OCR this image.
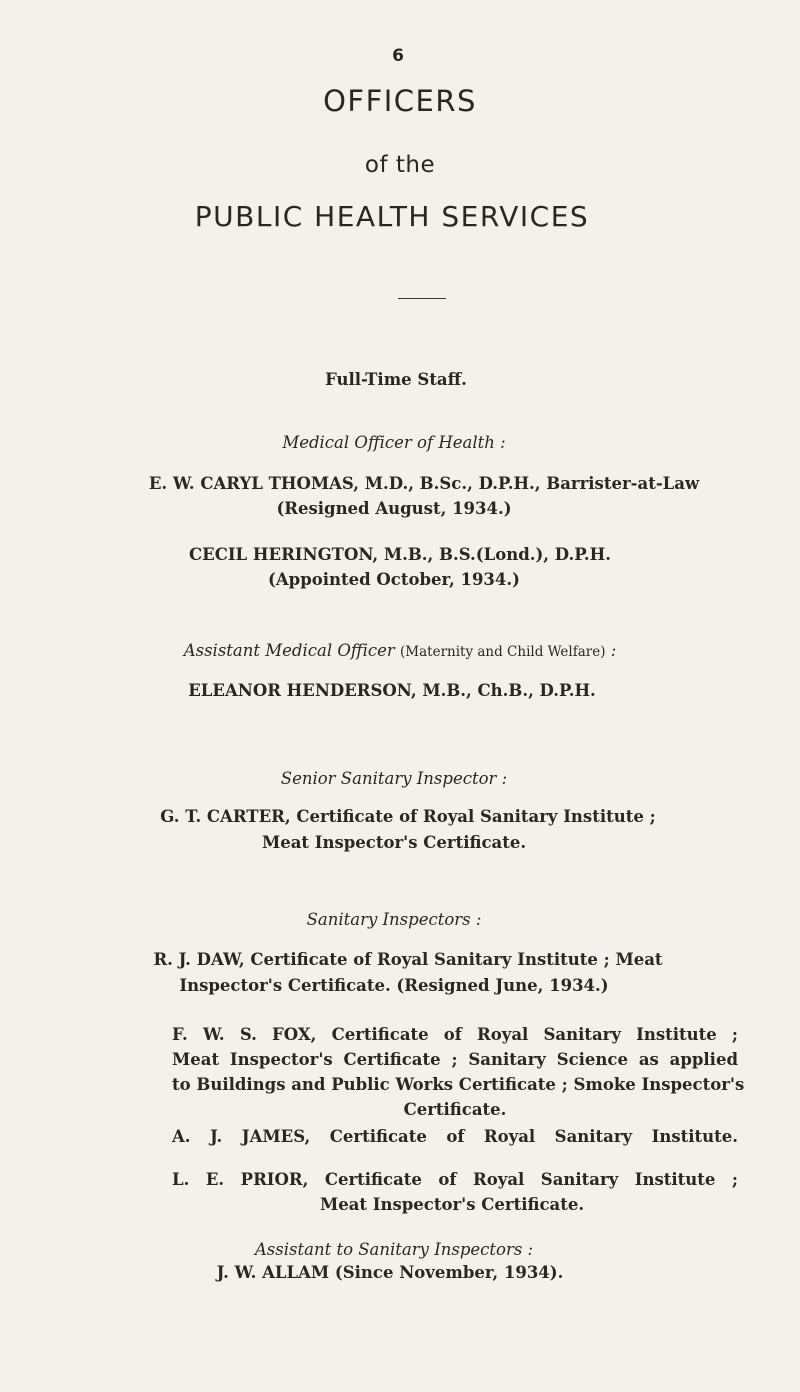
6
OFFICERS
of the
PUBLIC HEALTH SERVICES
Full-Time Staff.
Medical Officer of Health :
E. W. CARYL THOMAS, M.D., B.Sc., D.P.H., Barrister-at-Law
(Resigned August, 1934.)
CECIL HERINGTON, M.B., B.S.(Lond.), D.P.H.
(Appointed October, 1934.)
Assistant Medical Officer (Maternity and Child Welfare) :
ELEANOR HENDERSON, M.B., Ch.B., D.P.H.
Senior Sanitary Inspector :
G. T. CARTER, Certificate of Royal Sanitary Institute ;
Meat Inspector's Certificate.
Sanitary Inspectors :
R. J. DAW, Certificate of Royal Sanitary Institute ; Meat
Inspector's Certificate. (Resigned June, 1934.)
F. W. S. FOX, Certificate of Royal Sanitary Institute ;
Meat Inspector's Certificate ; Sanitary Science as applied
to Buildings and Public Works Certificate ; Smoke Inspector's
Certificate.
A. J. JAMES, Certificate of Royal Sanitary Institute.
L. E. PRIOR, Certificate of Royal Sanitary Institute ;
Meat Inspector's Certificate.
Assistant to Sanitary Inspectors :
J. W. ALLAM (Since November, 1934).
